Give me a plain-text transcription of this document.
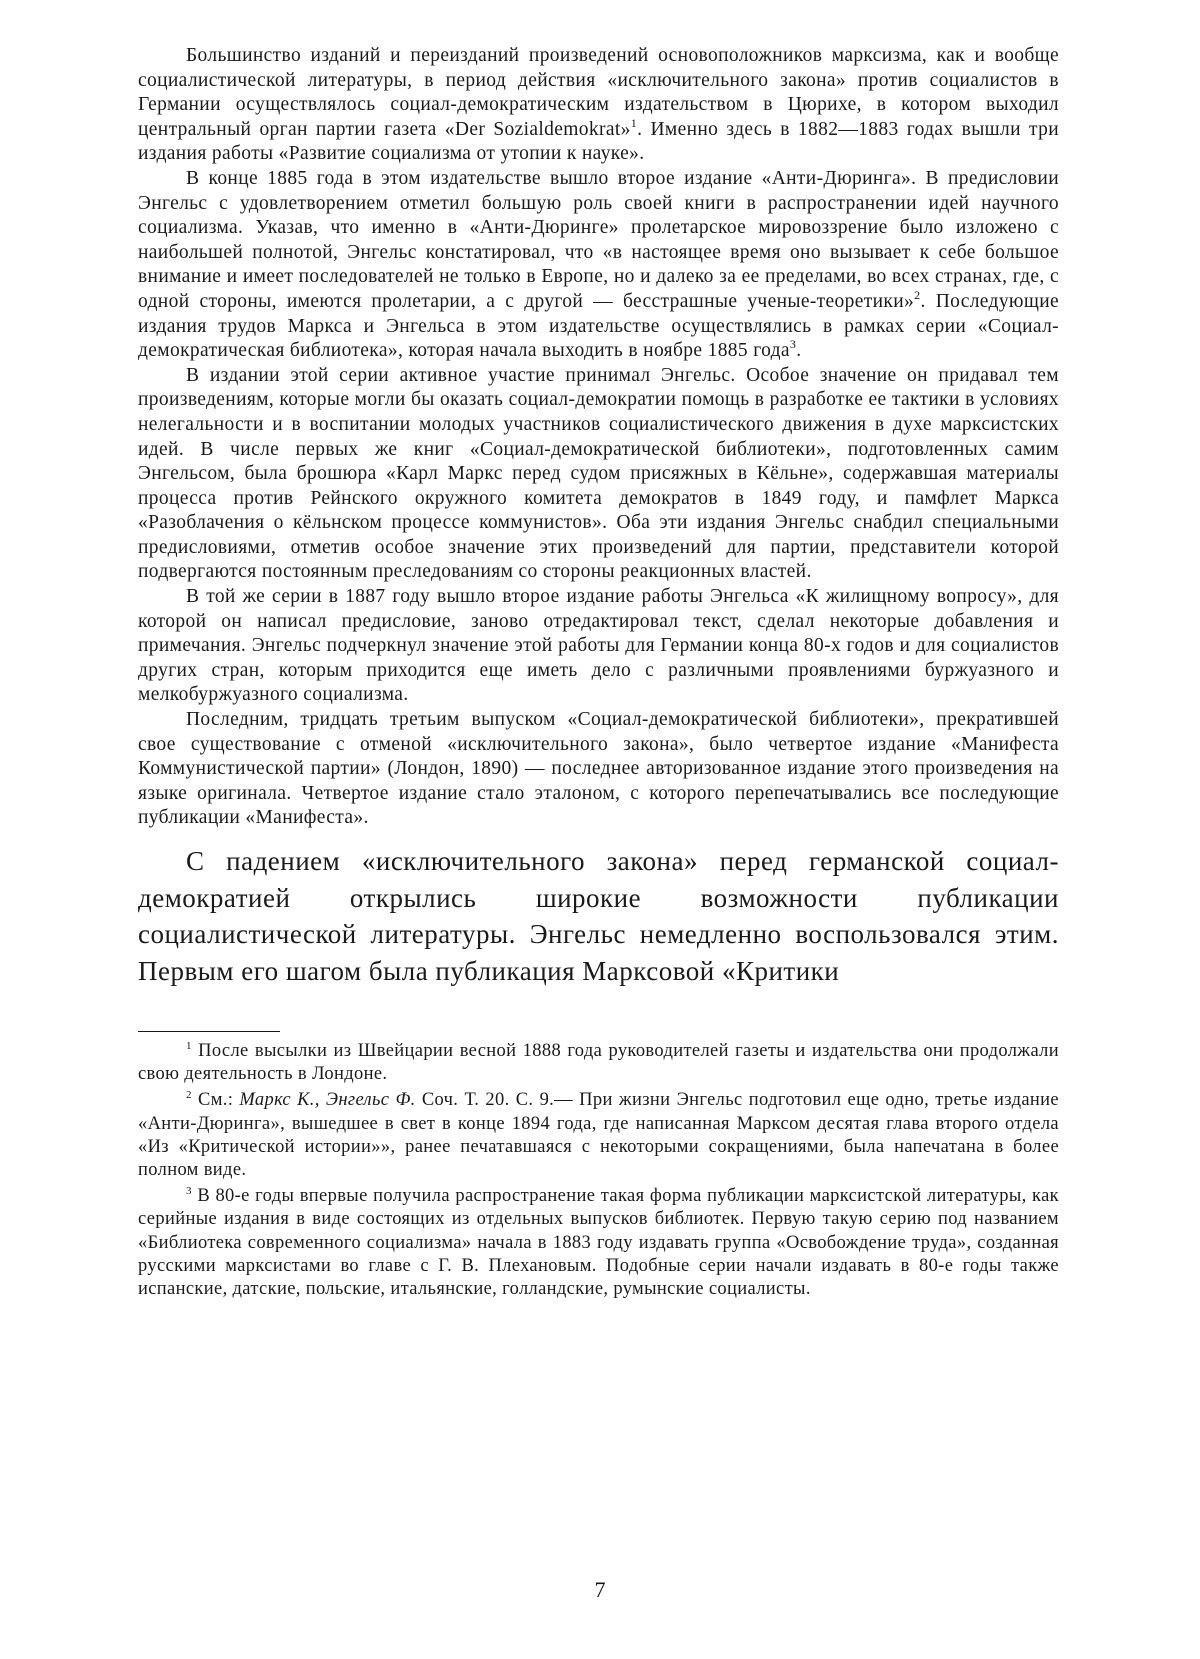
Большинство изданий и переизданий произведений основоположников марксизма, как и вообще социалистической литературы, в период действия «исключительного закона» против социалистов в Германии осуществлялось социал-демократическим издательством в Цюрихе, в котором выходил центральный орган партии газета «Der Sozialdemokrat»$^1$. Именно здесь в 1882—1883 годах вышли три издания работы «Развитие социализма от утопии к науке».

В конце 1885 года в этом издательстве вышло второе издание «Анти-Дюринга». В предисловии Энгельс с удовлетворением отметил большую роль своей книги в распространении идей научного социализма. Указав, что именно в «Анти-Дюринге» пролетарское мировоззрение было изложено с наибольшей полнотой, Энгельс констатировал, что «в настоящее время оно вызывает к себе большое внимание и имеет последователей не только в Европе, но и далеко за ее пределами, во всех странах, где, с одной стороны, имеются пролетарии, а с другой — бесстрашные ученые-теоретики»$^2$. Последующие издания трудов Маркса и Энгельса в этом издательстве осуществлялись в рамках серии «Социал-демократическая библиотека», которая начала выходить в ноябре 1885 года$^3$.

В издании этой серии активное участие принимал Энгельс. Особое значение он придавал тем произведениям, которые могли бы оказать социал-демократии помощь в разработке ее тактики в условиях нелегальности и в воспитании молодых участников социалистического движения в духе марксистских идей. В числе первых же книг «Социал-демократической библиотеки», подготовленных самим Энгельсом, была брошюра «Карл Маркс перед судом присяжных в Кёльне», содержавшая материалы процесса против Рейнского окружного комитета демократов в 1849 году, и памфлет Маркса «Разоблачения о кёльнском процессе коммунистов». Оба эти издания Энгельс снабдил специальными предисловиями, отметив особое значение этих произведений для партии, представители которой подвергаются постоянным преследованиям со стороны реакционных властей.

В той же серии в 1887 году вышло второе издание работы Энгельса «К жилищному вопросу», для которой он написал предисловие, заново отредактировал текст, сделал некоторые добавления и примечания. Энгельс подчеркнул значение этой работы для Германии конца 80-х годов и для социалистов других стран, которым приходится еще иметь дело с различными проявлениями буржуазного и мелкобуржуазного социализма.

Последним, тридцать третьим выпуском «Социал-демократической библиотеки», прекратившей свое существование с отменой «исключительного закона», было четвертое издание «Манифеста Коммунистической партии» (Лондон, 1890) — последнее авторизованное издание этого произведения на языке оригинала. Четвертое издание стало эталоном, с которого перепечатывались все последующие публикации «Манифеста».

С падением «исключительного закона» перед германской социал-демократией открылись широкие возможности публикации социалистической литературы. Энгельс немедленно воспользовался этим. Первым его шагом была публикация Марксовой «Критики

$^1$ После высылки из Швейцарии весной 1888 года руководителей газеты и издательства они продолжали свою деятельность в Лондоне.

$^2$ См.: Маркс К., Энгельс Ф. Соч. Т. 20. С. 9.— При жизни Энгельс подготовил еще одно, третье издание «Анти-Дюринга», вышедшее в свет в конце 1894 года, где написанная Марксом десятая глава второго отдела «Из «Критической истории»», ранее печатавшаяся с некоторыми сокращениями, была напечатана в более полном виде.

$^3$ В 80-е годы впервые получила распространение такая форма публикации марксистской литературы, как серийные издания в виде состоящих из отдельных выпусков библиотек. Первую такую серию под названием «Библиотека современного социализма» начала в 1883 году издавать группа «Освобождение труда», созданная русскими марксистами во главе с Г. В. Плехановым. Подобные серии начали издавать в 80-е годы также испанские, датские, польские, итальянские, голландские, румынские социалисты.

7
